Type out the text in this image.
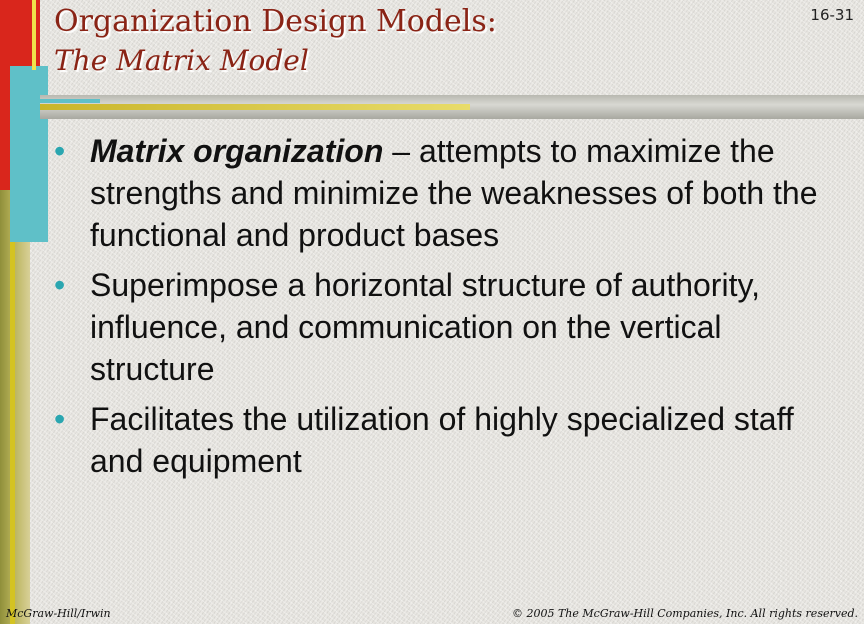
Organization Design Models:
The Matrix Model
16-31
• Matrix organization – attempts to maximize the strengths and minimize the weaknesses of both the functional and product bases
• Superimpose a horizontal structure of authority, influence, and communication on the vertical structure
• Facilitates the utilization of highly specialized staff and equipment
McGraw-Hill/Irwin	© 2005 The McGraw-Hill Companies, Inc. All rights reserved.
